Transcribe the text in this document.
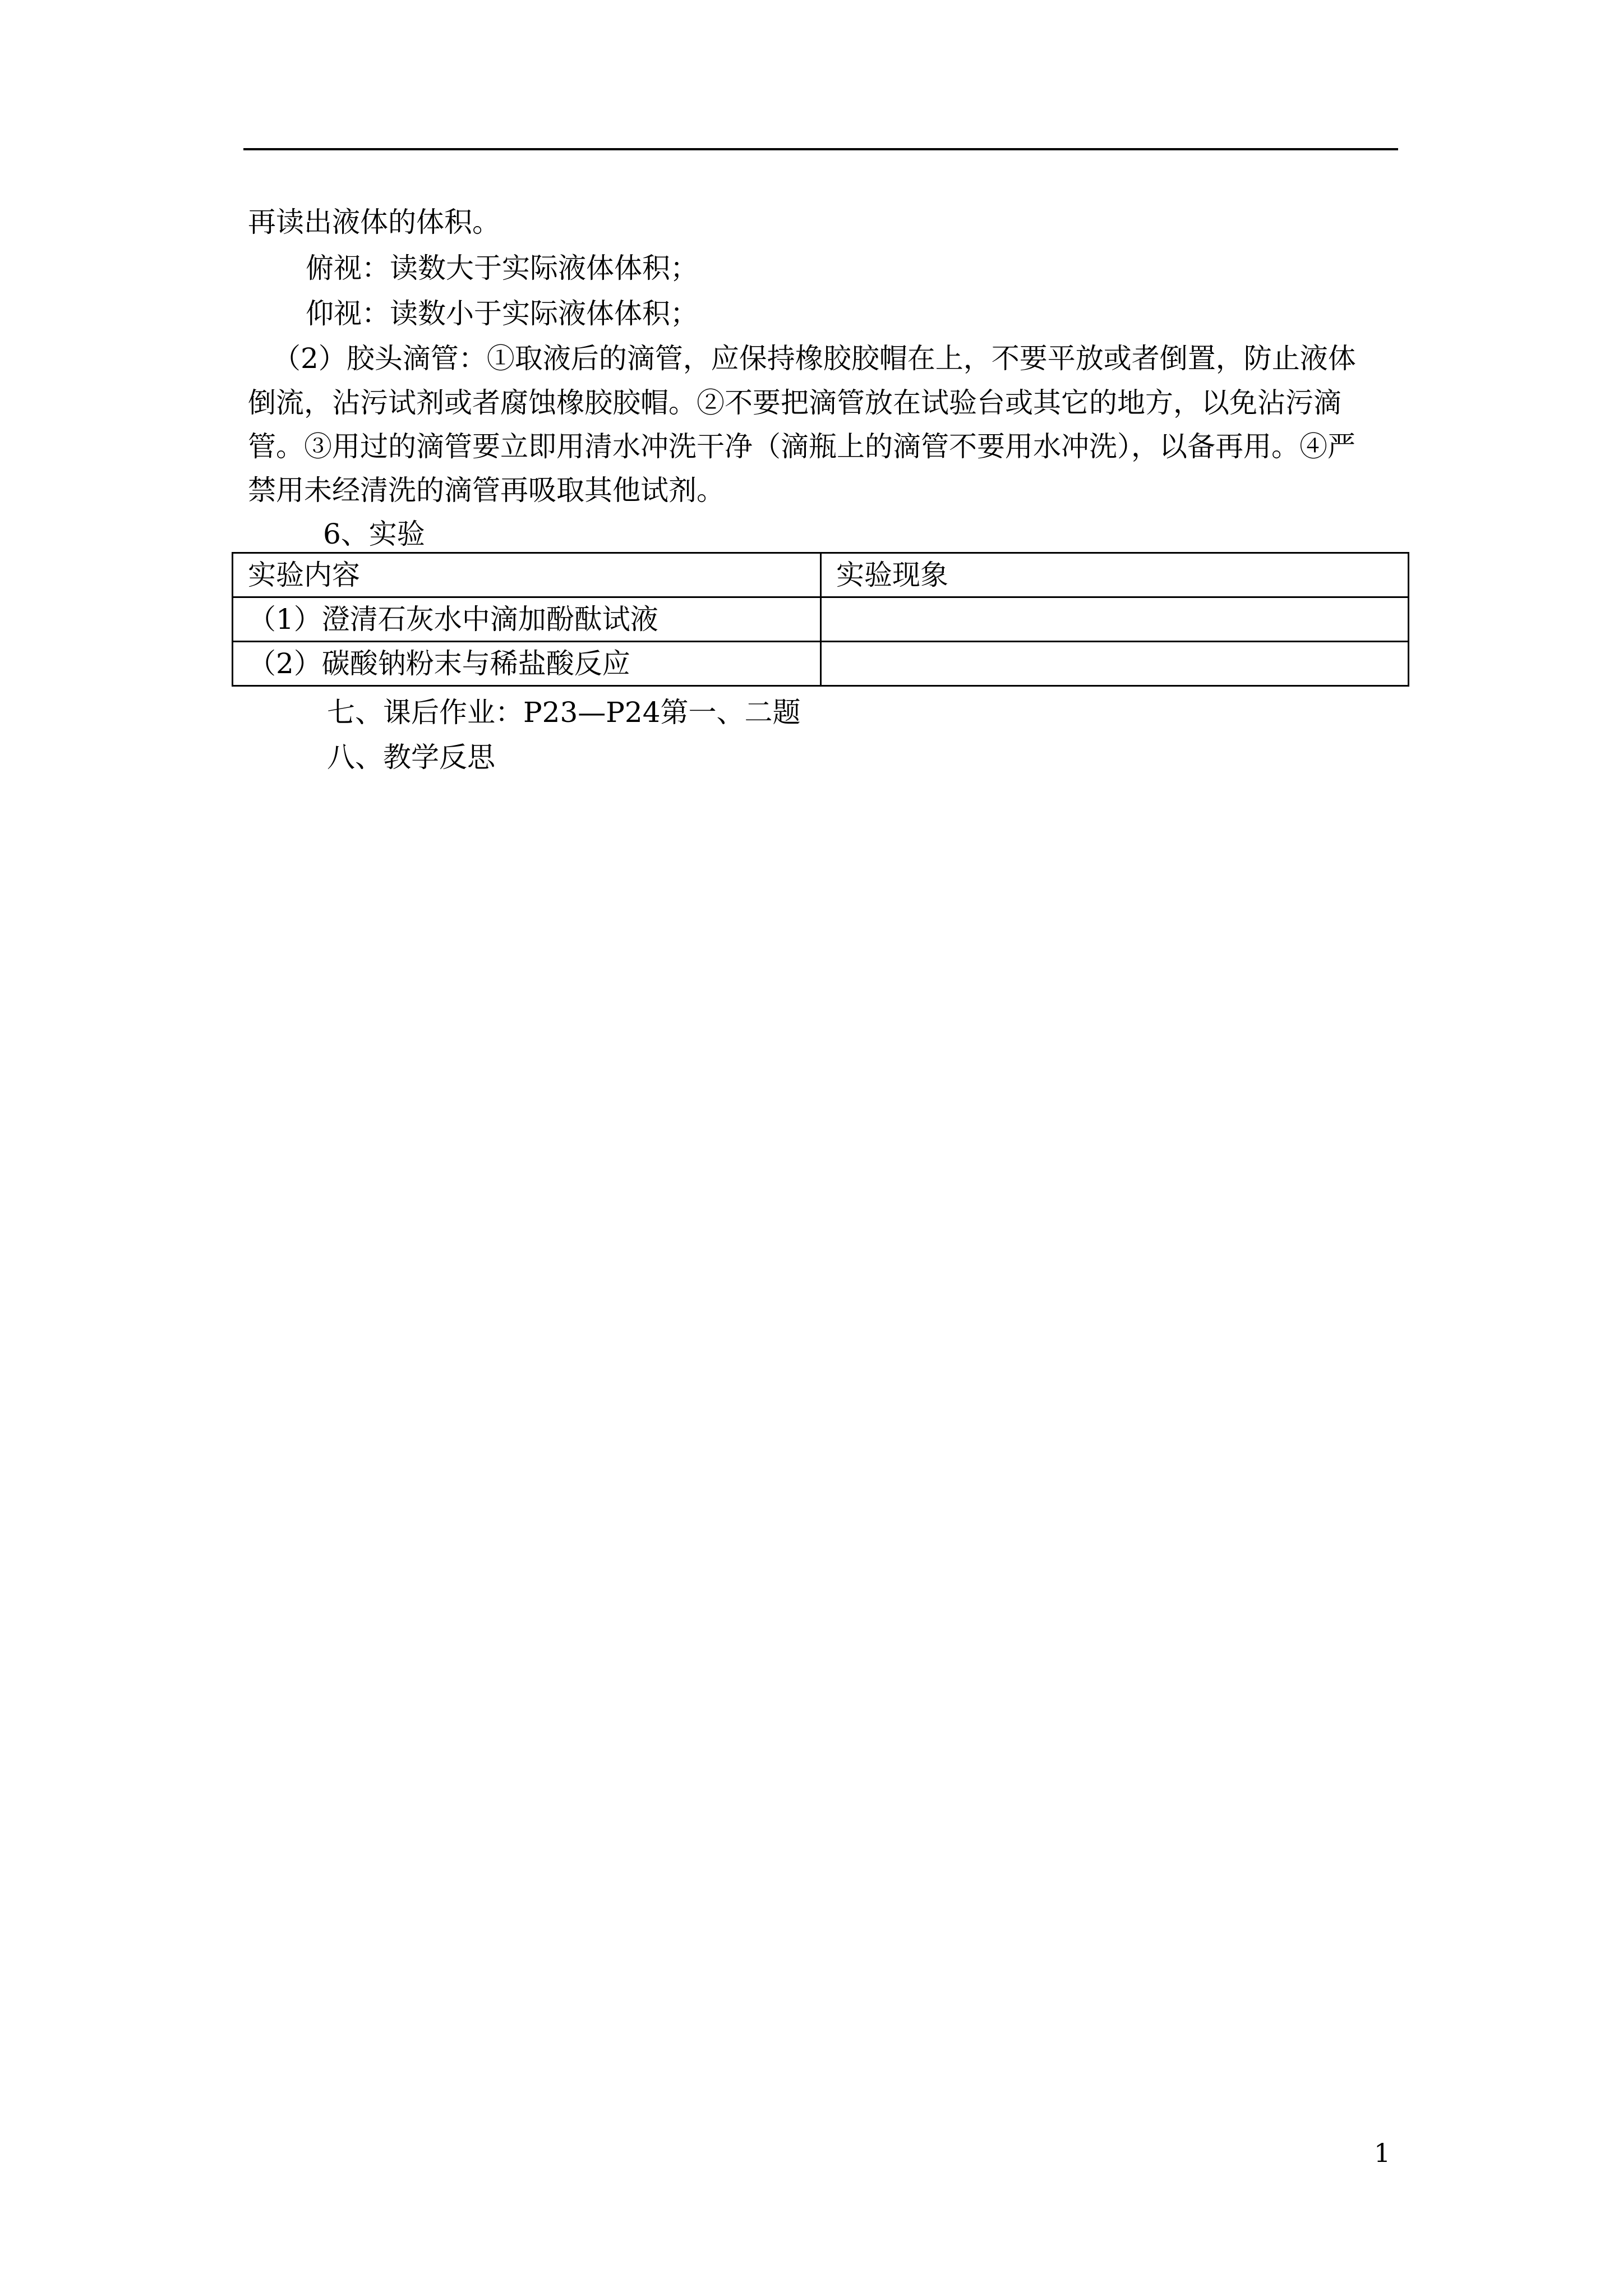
再读出液体的体积。
俯视：读数大于实际液体体积；
仰视：读数小于实际液体体积；
（2）胶头滴管：①取液后的滴管，应保持橡胶胶帽在上，不要平放或者倒置，防止液体
倒流，沾污试剂或者腐蚀橡胶胶帽。②不要把滴管放在试验台或其它的地方，以免沾污滴
管。③用过的滴管要立即用清水冲洗干净（滴瓶上的滴管不要用水冲洗），以备再用。④严
禁用未经清洗的滴管再吸取其他试剂。
6、实验
实验内容	实验现象
（1）澄清石灰水中滴加酚酞试液	
（2）碳酸钠粉末与稀盐酸反应	
七、课后作业：P23—P24第一、二题
八、教学反思
1
